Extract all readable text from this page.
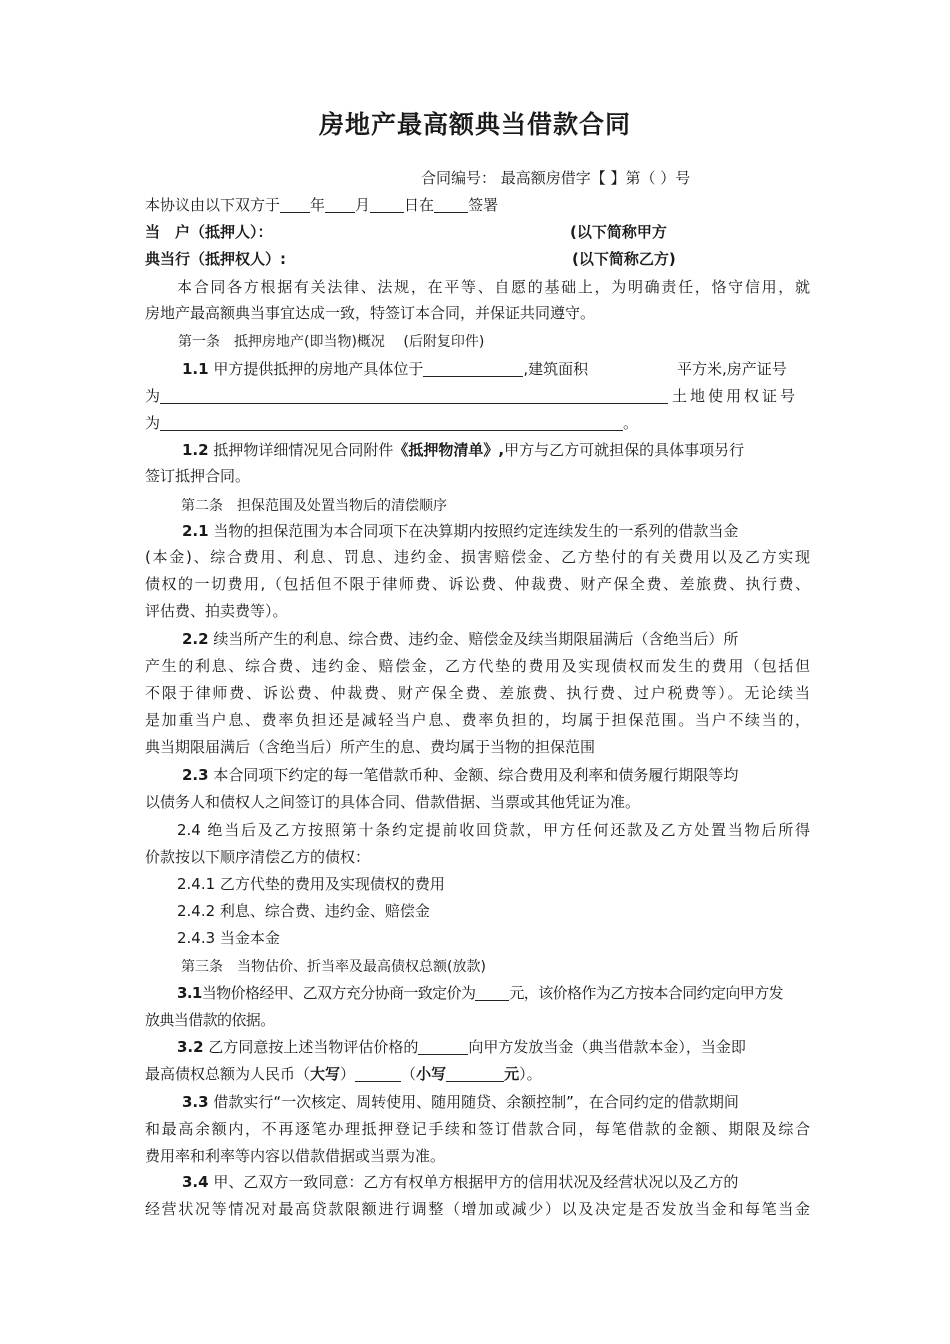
房地产最高额典当借款合同
合同编号： 最高额房借字【 】第（ ）号
本协议由以下双方于 年 月 日在 签署
当　户（抵押人）：	(以下简称甲方
典当行（抵押权人）:	(以下简称乙方)
本合同各方根据有关法律、法规，在平等、自愿的基础上，为明确责任，恪守信用，就
房地产最高额典当事宜达成一致，特签订本合同，并保证共同遵守。
第一条　抵押房地产(即当物)概况　 (后附复印件)
1.1 甲方提供抵押的房地产具体位于	,建筑面积	平方米,房产证号
为	土地使用权证号
为	。
1.2 抵押物详细情况见合同附件《抵押物清单》,甲方与乙方可就担保的具体事项另行
签订抵押合同。
第二条　担保范围及处置当物后的清偿顺序
2.1 当物的担保范围为本合同项下在决算期内按照约定连续发生的一系列的借款当金
(本金)、综合费用、利息、罚息、违约金、损害赔偿金、乙方垫付的有关费用以及乙方实现
债权的一切费用,（包括但不限于律师费、诉讼费、仲裁费、财产保全费、差旅费、执行费、
评估费、拍卖费等）。
2.2 续当所产生的利息、综合费、违约金、赔偿金及续当期限届满后（含绝当后）所
产生的利息、综合费、违约金、赔偿金，乙方代垫的费用及实现债权而发生的费用（包括但
不限于律师费、诉讼费、仲裁费、财产保全费、差旅费、执行费、过户税费等）。无论续当
是加重当户息、费率负担还是减轻当户息、费率负担的，均属于担保范围。当户不续当的，
典当期限届满后（含绝当后）所产生的息、费均属于当物的担保范围
2.3 本合同项下约定的每一笔借款币种、金额、综合费用及利率和债务履行期限等均
以债务人和债权人之间签订的具体合同、借款借据、当票或其他凭证为准。
2.4 绝当后及乙方按照第十条约定提前收回贷款，甲方任何还款及乙方处置当物后所得
价款按以下顺序清偿乙方的债权：
2.4.1 乙方代垫的费用及实现债权的费用
2.4.2 利息、综合费、违约金、赔偿金
2.4.3 当金本金
第三条　当物估价、折当率及最高债权总额(放款)
3.1当物价格经甲、乙双方充分协商一致定价为 元，该价格作为乙方按本合同约定向甲方发
放典当借款的依据。
3.2 乙方同意按上述当物评估价格的	向甲方发放当金（典当借款本金），当金即
最高债权总额为人民币（大写）	（小写	元）。
3.3 借款实行“一次核定、周转使用、随用随贷、余额控制”，在合同约定的借款期间
和最高余额内，不再逐笔办理抵押登记手续和签订借款合同，每笔借款的金额、期限及综合
费用率和利率等内容以借款借据或当票为准。
3.4 甲、乙双方一致同意：乙方有权单方根据甲方的信用状况及经营状况以及乙方的
经营状况等情况对最高贷款限额进行调整（增加或减少）以及决定是否发放当金和每笔当金
